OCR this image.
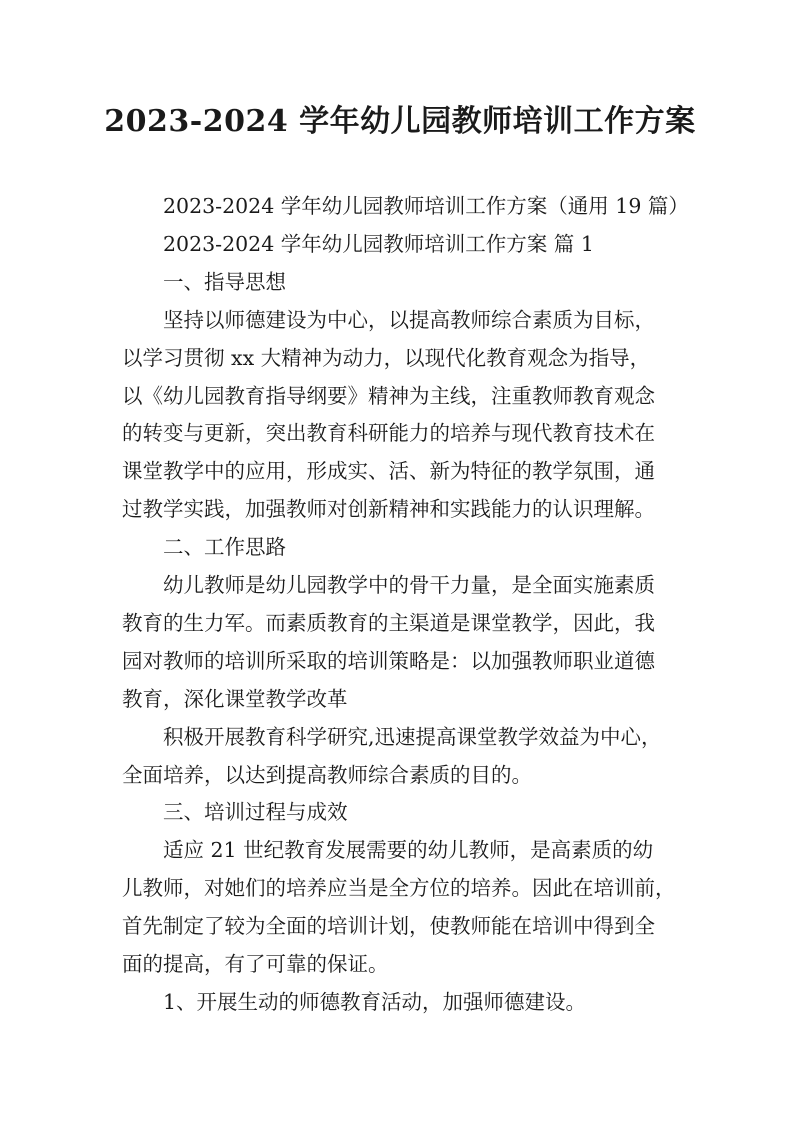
2023-2024 学年幼儿园教师培训工作方案
2023-2024 学年幼儿园教师培训工作方案（通用 19 篇）
2023-2024 学年幼儿园教师培训工作方案 篇 1
一、指导思想
坚持以师德建设为中心，以提高教师综合素质为目标，
以学习贯彻 xx 大精神为动力，以现代化教育观念为指导，
以《幼儿园教育指导纲要》精神为主线，注重教师教育观念
的转变与更新，突出教育科研能力的培养与现代教育技术在
课堂教学中的应用，形成实、活、新为特征的教学氛围，通
过教学实践，加强教师对创新精神和实践能力的认识理解。
二、工作思路
幼儿教师是幼儿园教学中的骨干力量，是全面实施素质
教育的生力军。而素质教育的主渠道是课堂教学，因此，我
园对教师的培训所采取的培训策略是：以加强教师职业道德
教育，深化课堂教学改革
积极开展教育科学研究,迅速提高课堂教学效益为中心，
全面培养，以达到提高教师综合素质的目的。
三、培训过程与成效
适应 21 世纪教育发展需要的幼儿教师，是高素质的幼
儿教师，对她们的培养应当是全方位的培养。因此在培训前，
首先制定了较为全面的培训计划，使教师能在培训中得到全
面的提高，有了可靠的保证。
1、开展生动的师德教育活动，加强师德建设。
